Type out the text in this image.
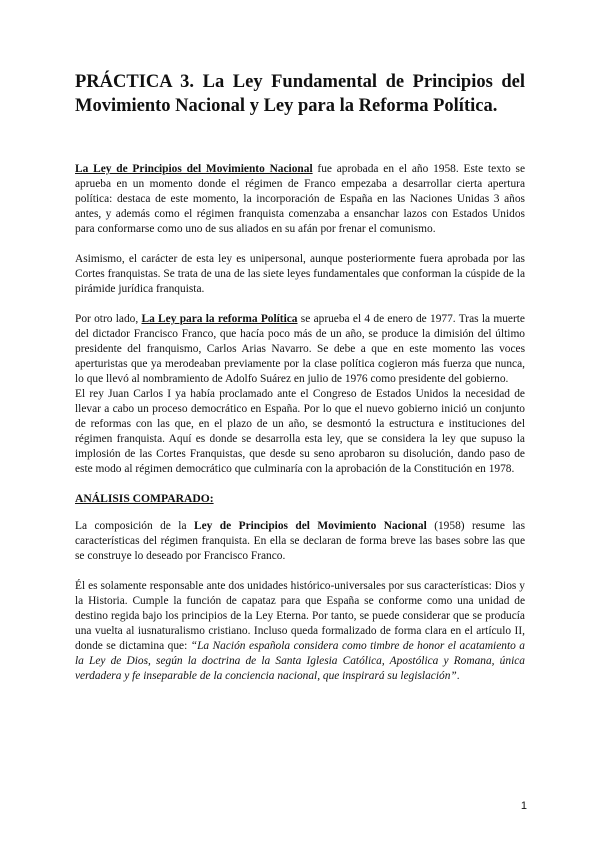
PRÁCTICA 3. La Ley Fundamental de Principios del Movimiento Nacional y Ley para la Reforma Política.

La Ley de Principios del Movimiento Nacional fue aprobada en el año 1958. Este texto se aprueba en un momento donde el régimen de Franco empezaba a desarrollar cierta apertura política: destaca de este momento, la incorporación de España en las Naciones Unidas 3 años antes, y además como el régimen franquista comenzaba a ensanchar lazos con Estados Unidos para conformarse como uno de sus aliados en su afán por frenar el comunismo.

Asimismo, el carácter de esta ley es unipersonal, aunque posteriormente fuera aprobada por las Cortes franquistas. Se trata de una de las siete leyes fundamentales que conforman la cúspide de la pirámide jurídica franquista.

Por otro lado, La Ley para la reforma Política se aprueba el 4 de enero de 1977. Tras la muerte del dictador Francisco Franco, que hacía poco más de un año, se produce la dimisión del último presidente del franquismo, Carlos Arias Navarro. Se debe a que en este momento las voces aperturistas que ya merodeaban previamente por la clase política cogieron más fuerza que nunca, lo que llevó al nombramiento de Adolfo Suárez en julio de 1976 como presidente del gobierno.

El rey Juan Carlos I ya había proclamado ante el Congreso de Estados Unidos la necesidad de llevar a cabo un proceso democrático en España. Por lo que el nuevo gobierno inició un conjunto de reformas con las que, en el plazo de un año, se desmontó la estructura e instituciones del régimen franquista. Aquí es donde se desarrolla esta ley, que se considera la ley que supuso la implosión de las Cortes Franquistas, que desde su seno aprobaron su disolución, dando paso de este modo al régimen democrático que culminaría con la aprobación de la Constitución en 1978.

ANÁLISIS COMPARADO:

La composición de la Ley de Principios del Movimiento Nacional (1958) resume las características del régimen franquista. En ella se declaran de forma breve las bases sobre las que se construye lo deseado por Francisco Franco.

Él es solamente responsable ante dos unidades histórico-universales por sus características: Dios y la Historia. Cumple la función de capataz para que España se conforme como una unidad de destino regida bajo los principios de la Ley Eterna. Por tanto, se puede considerar que se producía una vuelta al iusnaturalismo cristiano. Incluso queda formalizado de forma clara en el artículo II, donde se dictamina que: “La Nación española considera como timbre de honor el acatamiento a la Ley de Dios, según la doctrina de la Santa Iglesia Católica, Apostólica y Romana, única verdadera y fe inseparable de la conciencia nacional, que inspirará su legislación”.

1
